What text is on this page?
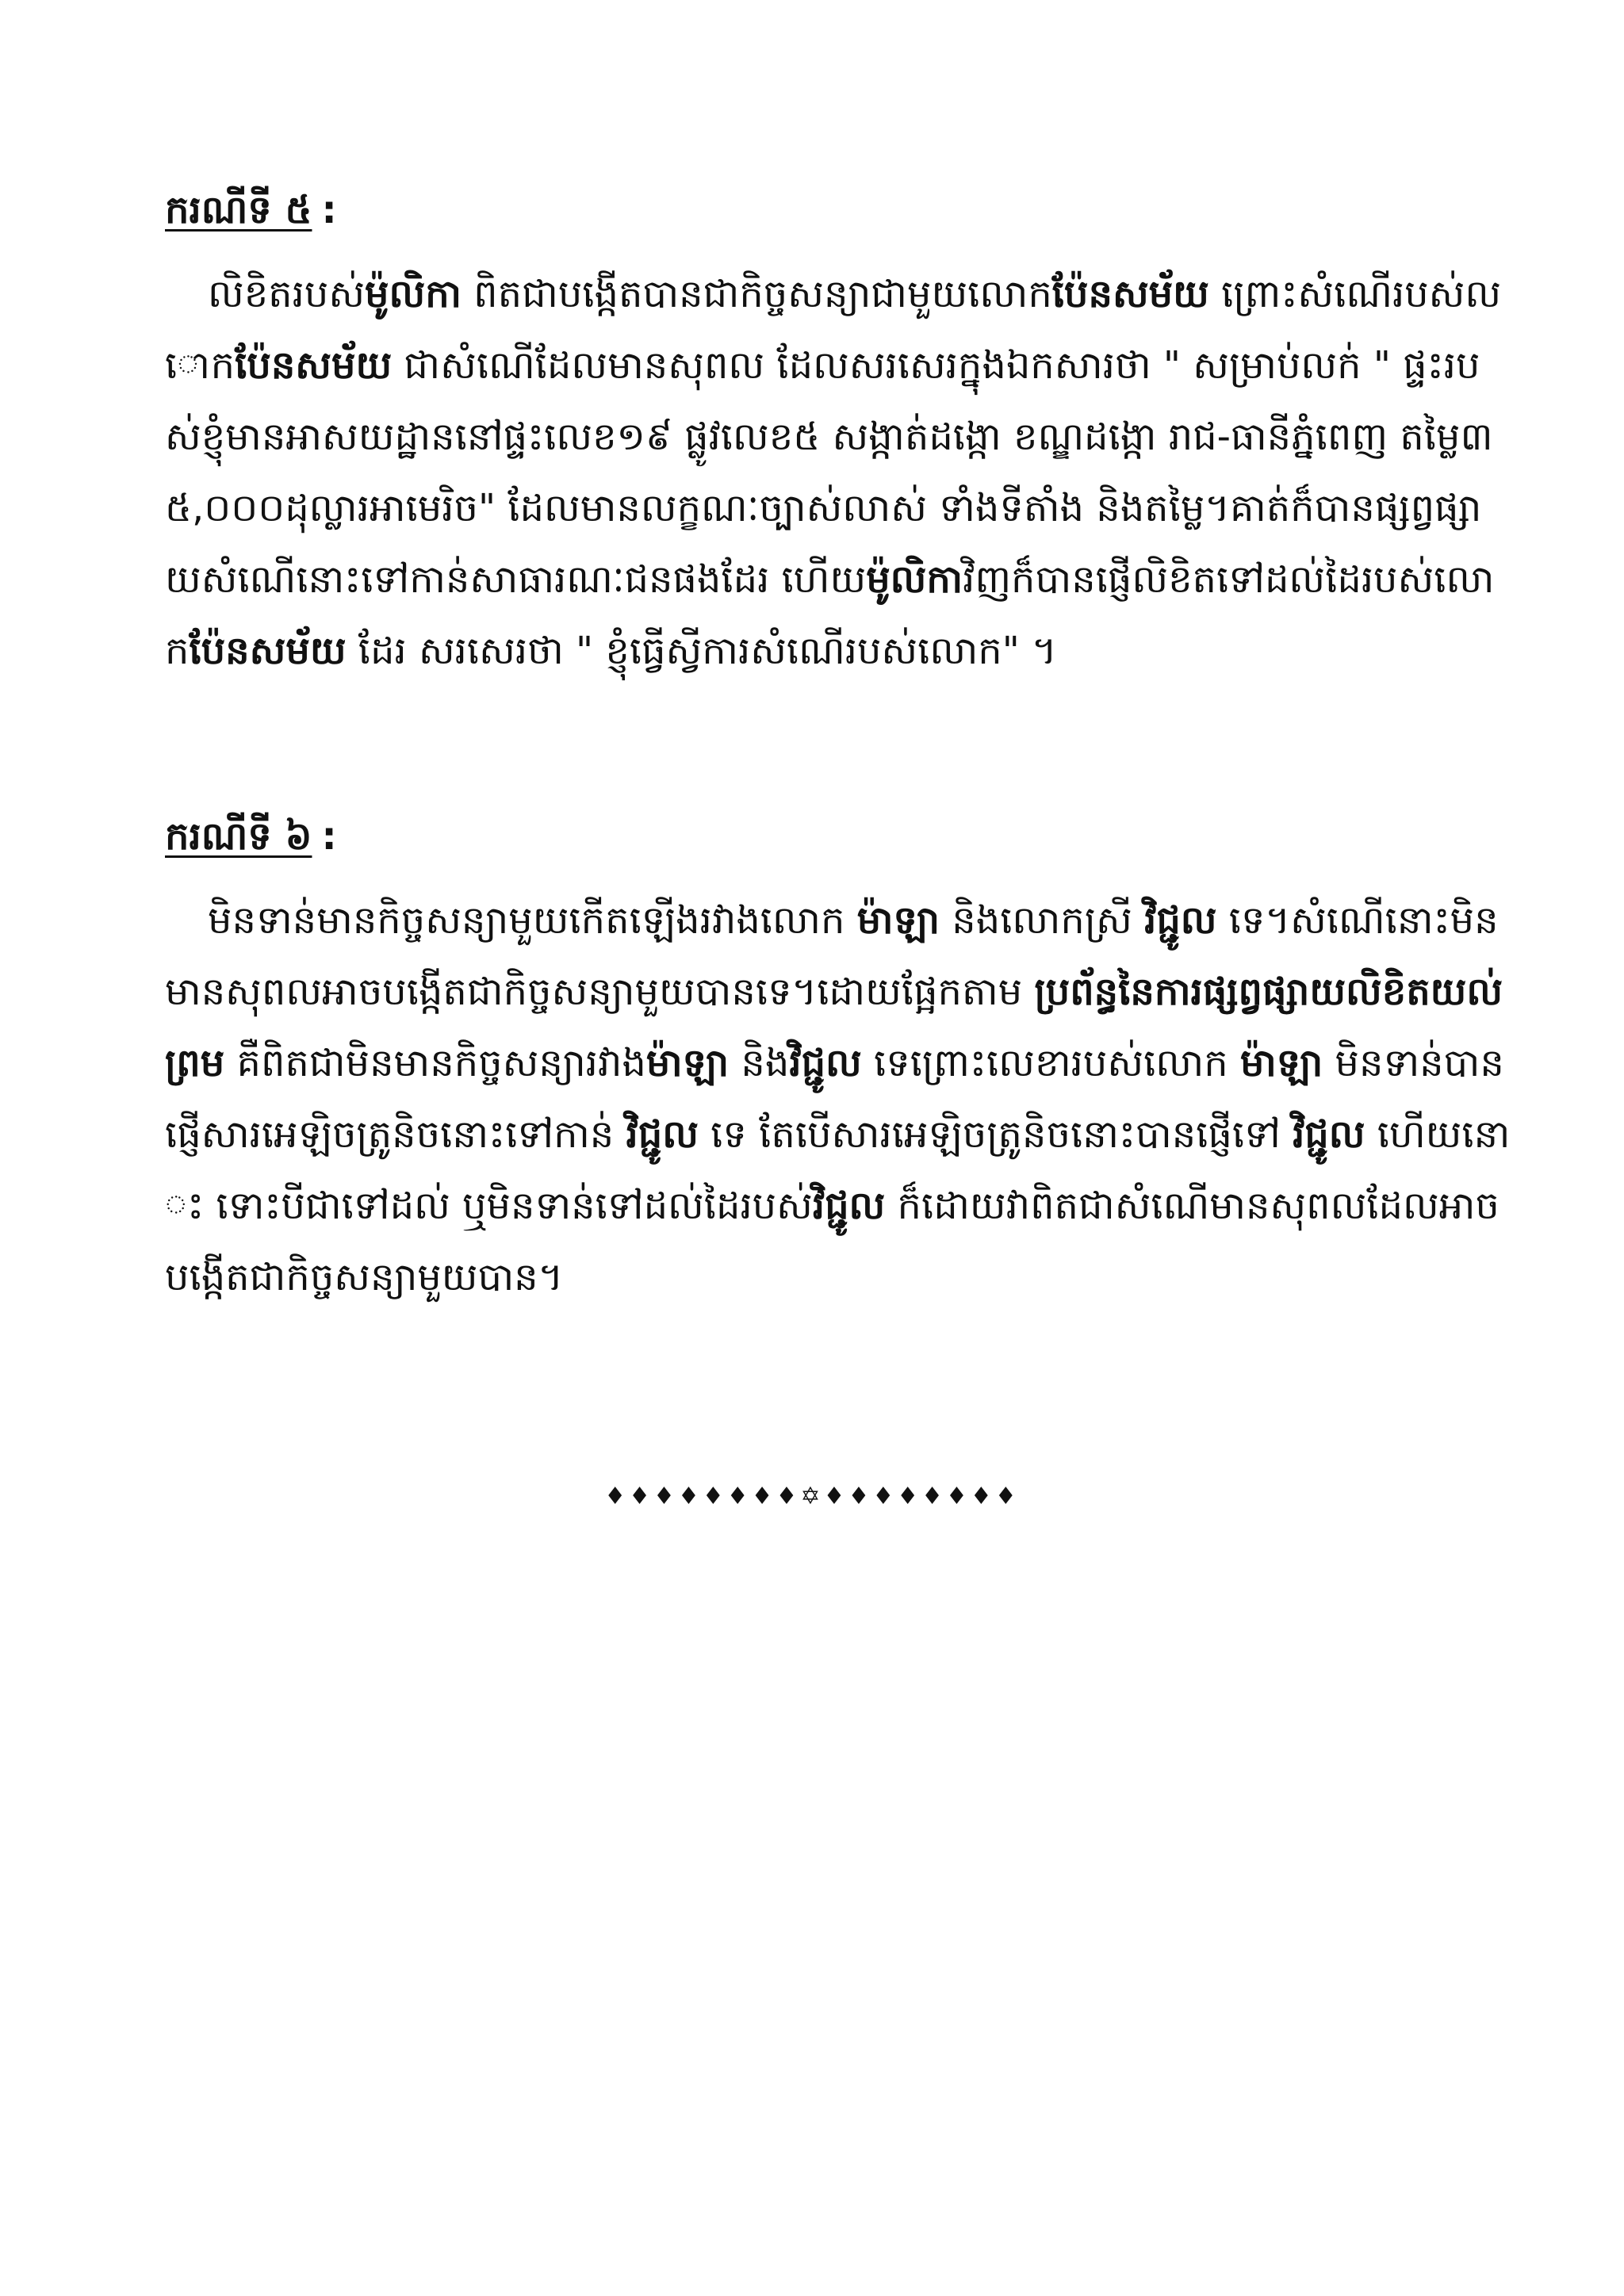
ករណីទី ៥ :

លិខិតរបស់ម៉ូលិកា ពិតជាបង្កើតបានជាកិច្ចសន្យាជាមួយលោកប៉ែនសម័យ ព្រោះសំណើរបស់លោកប៉ែនសម័យ ជាសំណើដែលមានសុពល ដែលសរសេរក្នុងឯកសារថា " សម្រាប់លក់ " ផ្ទះរបស់ខ្ញុំមានអាសយដ្ឋាននៅផ្ទះលេខ១៩ ផ្លូវលេខ៥ សង្កាត់ដង្កោ ខណ្ឌដង្កោ រាជ-ធានីភ្នំពេញ តម្លៃ៣៥,០០០ដុល្លារអាមេរិច" ដែលមានលក្ខណៈច្បាស់លាស់ ទាំងទីតាំង និងតម្លៃ។គាត់ក៏បានផ្សព្វផ្សាយសំណើនោះទៅកាន់សាធារណៈជនផងដែរ ហើយម៉ូលិកាវិញក៏បានផ្ញើលិខិតទៅដល់ដៃរបស់លោកប៉ែនសម័យ ដែរ សរសេរថា " ខ្ញុំធ្វើស្វីការសំណើរបស់លោក" ។

ករណីទី ៦ :

មិនទាន់មានកិច្ចសន្យាមួយកើតឡើងរវាងលោក ម៉ាឡា និងលោកស្រី វិជ្ជូល ទេ។សំណើនោះមិនមានសុពលអាចបង្កើតជាកិច្ចសន្យាមួយបានទេ។ដោយផ្អែកតាម ប្រព័ន្ធនៃការផ្សព្វផ្សាយលិខិតយល់ព្រម គឺពិតជាមិនមានកិច្ចសន្យារវាងម៉ាឡា និងវិជ្ជូល ទេព្រោះលេខារបស់លោក ម៉ាឡា មិនទាន់បានផ្ញើសារអេឡិចត្រូនិចនោះទៅកាន់ វិជ្ជូល ទេ តែបើសារអេឡិចត្រូនិចនោះបានផ្ញើទៅ វិជ្ជូល ហើយនោះ ទោះបីជាទៅដល់ ឬមិនទាន់ទៅដល់ដៃរបស់វិជ្ជូល ក៏ដោយវាពិតជាសំណើមានសុពលដែលអាចបង្កើតជាកិច្ចសន្យាមួយបាន។

♦♦♦♦♦♦♦♦✡♦♦♦♦♦♦♦♦
